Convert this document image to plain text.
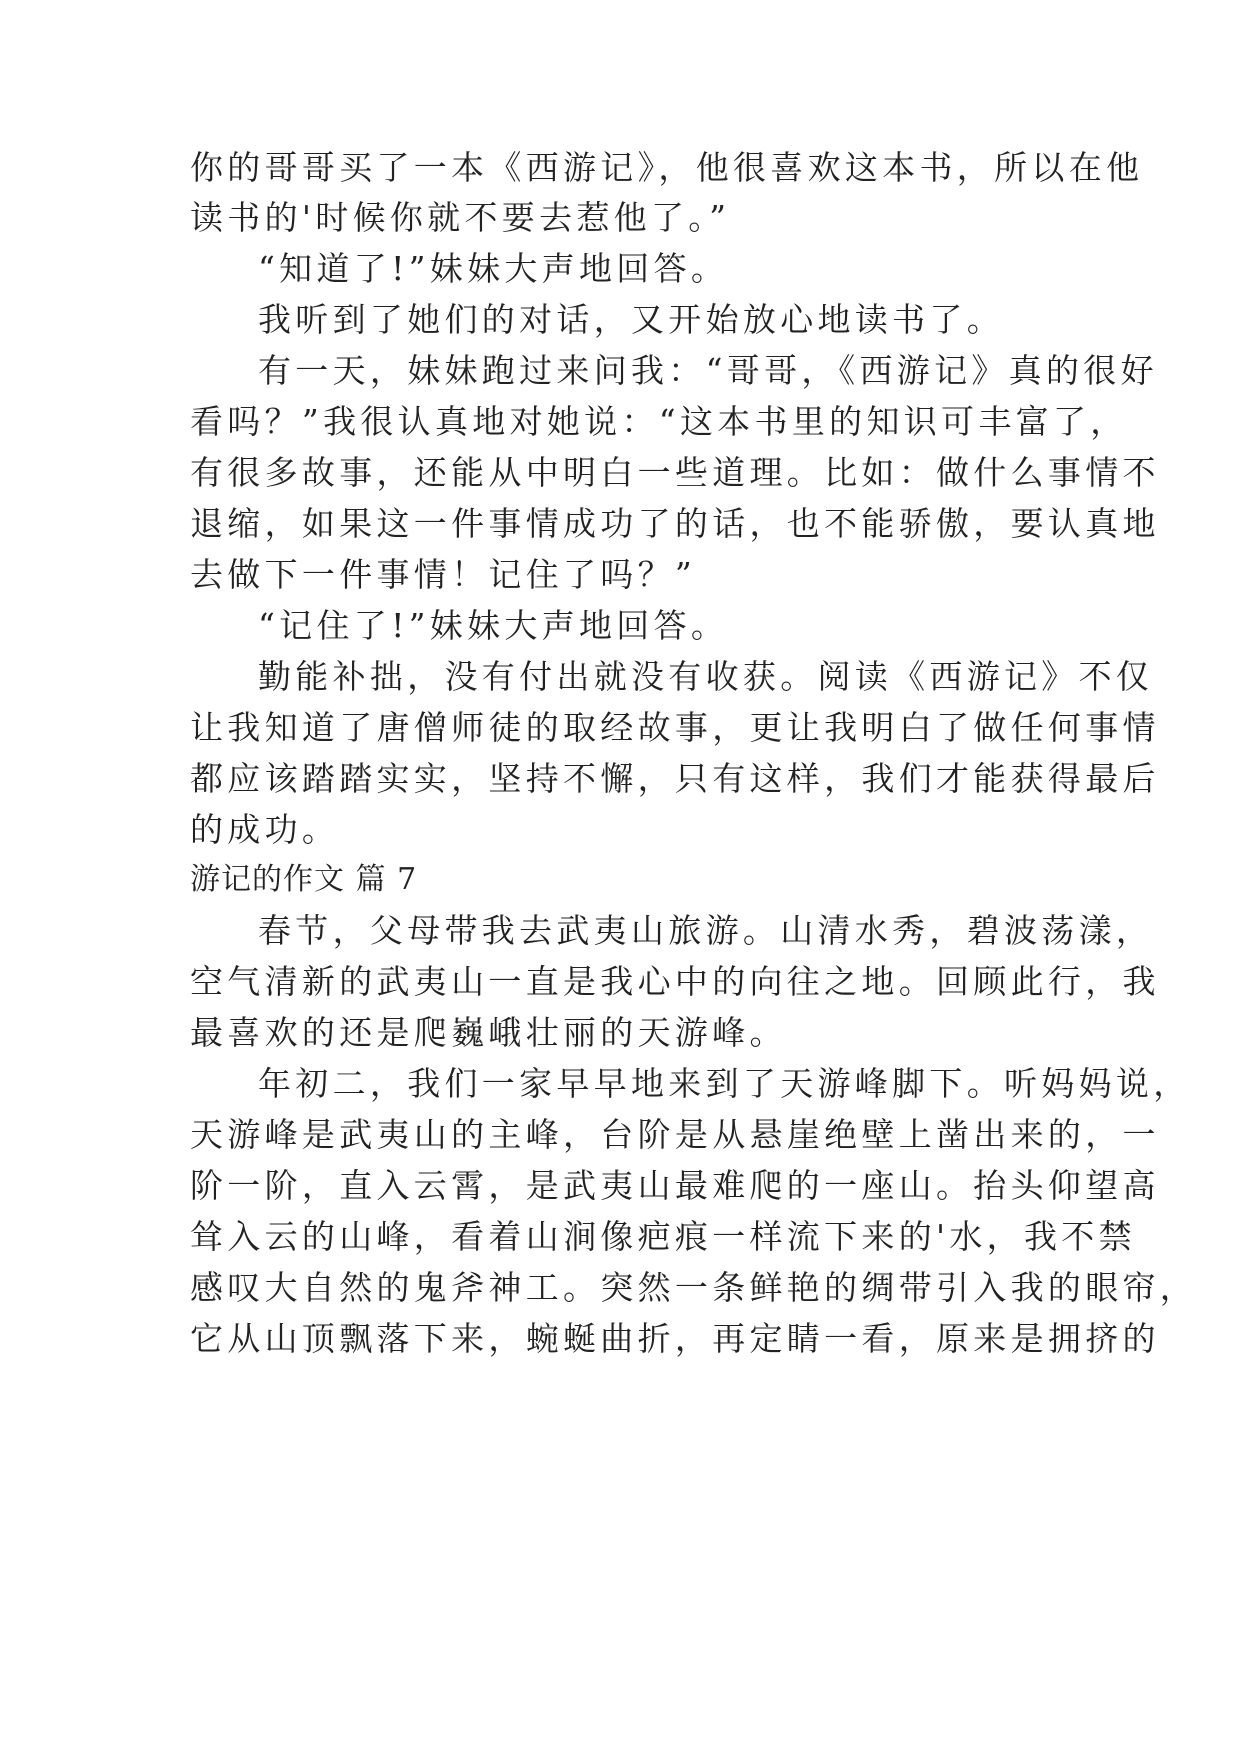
你的哥哥买了一本《西游记》，他很喜欢这本书，所以在他
读书的'时候你就不要去惹他了。”
“知道了!”妹妹大声地回答。
我听到了她们的对话，又开始放心地读书了。
有一天，妹妹跑过来问我：“哥哥，《西游记》真的很好
看吗？”我很认真地对她说：“这本书里的知识可丰富了，
有很多故事，还能从中明白一些道理。比如：做什么事情不
退缩，如果这一件事情成功了的话，也不能骄傲，要认真地
去做下一件事情！记住了吗？”
“记住了!”妹妹大声地回答。
勤能补拙，没有付出就没有收获。阅读《西游记》不仅
让我知道了唐僧师徒的取经故事，更让我明白了做任何事情
都应该踏踏实实，坚持不懈，只有这样，我们才能获得最后
的成功。
游记的作文 篇 7
春节，父母带我去武夷山旅游。山清水秀，碧波荡漾，
空气清新的武夷山一直是我心中的向往之地。回顾此行，我
最喜欢的还是爬巍峨壮丽的天游峰。
年初二，我们一家早早地来到了天游峰脚下。听妈妈说，
天游峰是武夷山的主峰，台阶是从悬崖绝壁上凿出来的，一
阶一阶，直入云霄，是武夷山最难爬的一座山。抬头仰望高
耸入云的山峰，看着山涧像疤痕一样流下来的'水，我不禁
感叹大自然的鬼斧神工。突然一条鲜艳的绸带引入我的眼帘，
它从山顶飘落下来，蜿蜒曲折，再定睛一看，原来是拥挤的
